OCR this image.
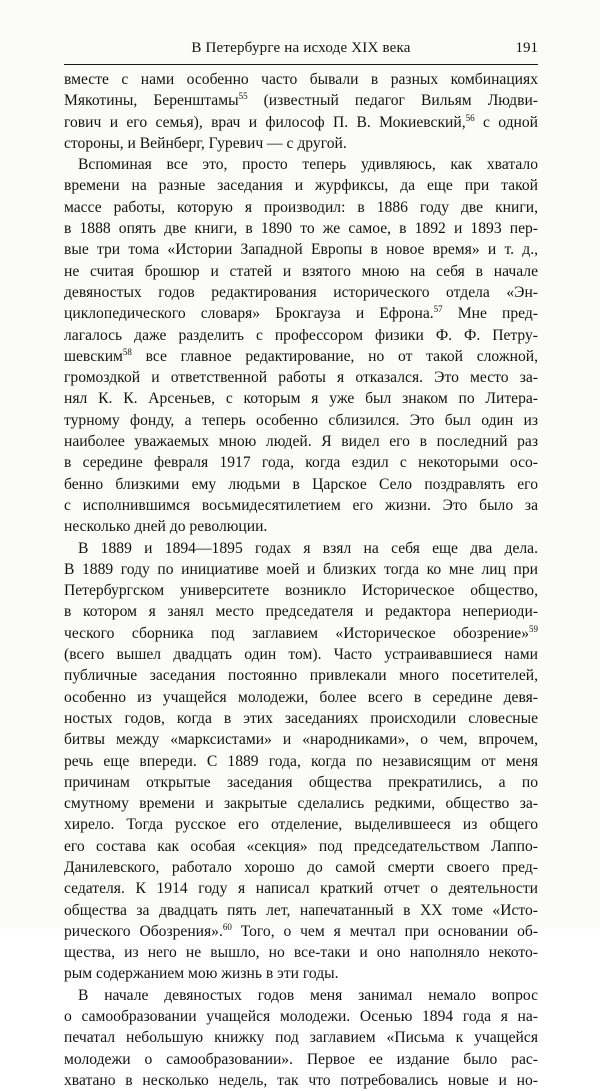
В Петербурге на исходе XIX века	191
вместе с нами особенно часто бывали в разных комбинациях
Мякотины, Беренштамы$^{55}$ (известный педагог Вильям Людви-
гович и его семья), врач и философ П. В. Мокиевский,$^{56}$ с одной
стороны, и Вейнберг, Гуревич — с другой.
Вспоминая все это, просто теперь удивляюсь, как хватало
времени на разные заседания и журфиксы, да еще при такой
массе работы, которую я производил: в 1886 году две книги,
в 1888 опять две книги, в 1890 то же самое, в 1892 и 1893 пер-
вые три тома «Истории Западной Европы в новое время» и т. д.,
не считая брошюр и статей и взятого мною на себя в начале
девяностых годов редактирования исторического отдела «Эн-
циклопедического словаря» Брокгауза и Ефрона.$^{57}$ Мне пред-
лагалось даже разделить с профессором физики Ф. Ф. Петру-
шевским$^{58}$ все главное редактирование, но от такой сложной,
громоздкой и ответственной работы я отказался. Это место за-
нял К. К. Арсеньев, с которым я уже был знаком по Литера-
турному фонду, а теперь особенно сблизился. Это был один из
наиболее уважаемых мною людей. Я видел его в последний раз
в середине февраля 1917 года, когда ездил с некоторыми осо-
бенно близкими ему людьми в Царское Село поздравлять его
с исполнившимся восьмидесятилетием его жизни. Это было за
несколько дней до революции.
В 1889 и 1894—1895 годах я взял на себя еще два дела.
В 1889 году по инициативе моей и близких тогда ко мне лиц при
Петербургском университете возникло Историческое общество,
в котором я занял место председателя и редактора непериоди-
ческого сборника под заглавием «Историческое обозрение»$^{59}$
(всего вышел двадцать один том). Часто устраивавшиеся нами
публичные заседания постоянно привлекали много посетителей,
особенно из учащейся молодежи, более всего в середине девя-
ностых годов, когда в этих заседаниях происходили словесные
битвы между «марксистами» и «народниками», о чем, впрочем,
речь еще впереди. С 1889 года, когда по независящим от меня
причинам открытые заседания общества прекратились, а по
смутному времени и закрытые сделались редкими, общество за-
хирело. Тогда русское его отделение, выделившееся из общего
его состава как особая «секция» под председательством Лаппо-
Данилевского, работало хорошо до самой смерти своего пред-
седателя. К 1914 году я написал краткий отчет о деятельности
общества за двадцать пять лет, напечатанный в XX томе «Исто-
рического Обозрения».$^{60}$ Того, о чем я мечтал при основании об-
щества, из него не вышло, но все-таки и оно наполняло некото-
рым содержанием мою жизнь в эти годы.
В начале девяностых годов меня занимал немало вопрос
о самообразовании учащейся молодежи. Осенью 1894 года я на-
печатал небольшую книжку под заглавием «Письма к учащейся
молодежи о самообразовании». Первое ее издание было рас-
хватано в несколько недель, так что потребовались новые и но-
